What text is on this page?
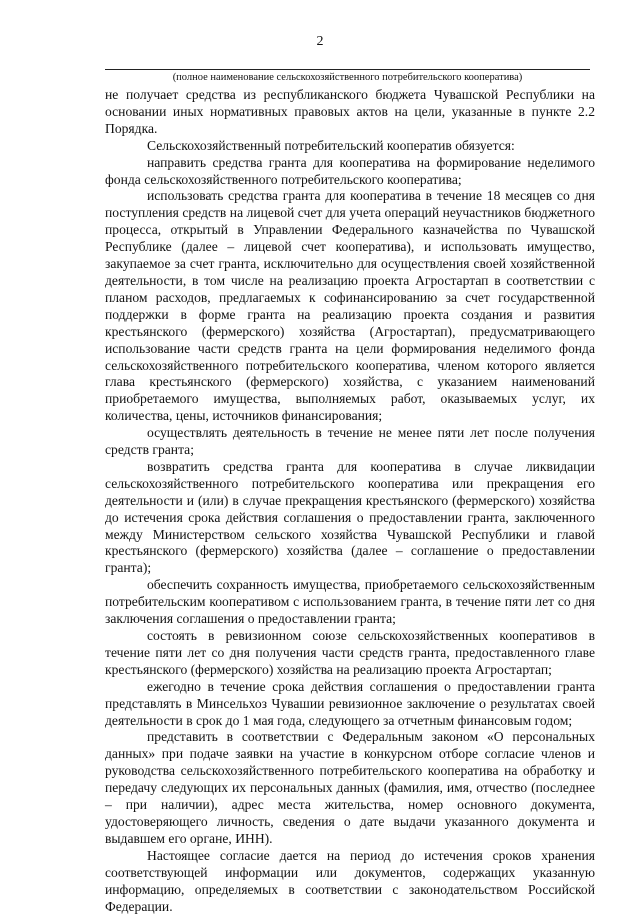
2
(полное наименование сельскохозяйственного потребительского кооператива)

не получает средства из республиканского бюджета Чувашской Республики на основании иных нормативных правовых актов на цели, указанные в пункте 2.2 Порядка.

Сельскохозяйственный потребительский кооператив обязуется:

направить средства гранта для кооператива на формирование неделимого фонда сельскохозяйственного потребительского кооператива;

использовать средства гранта для кооператива в течение 18 месяцев со дня поступления средств на лицевой счет для учета операций неучастников бюджетного процесса, открытый в Управлении Федерального казначейства по Чувашской Республике (далее – лицевой счет кооператива), и использовать имущество, закупаемое за счет гранта, исключительно для осуществления своей хозяйственной деятельности, в том числе на реализацию проекта Агростартап в соответствии с планом расходов, предлагаемых к софинансированию за счет государственной поддержки в форме гранта на реализацию проекта создания и развития крестьянского (фермерского) хозяйства (Агростартап), предусматривающего использование части средств гранта на цели формирования неделимого фонда сельскохозяйственного потребительского кооператива, членом которого является глава крестьянского (фермерского) хозяйства, с указанием наименований приобретаемого имущества, выполняемых работ, оказываемых услуг, их количества, цены, источников финансирования;

осуществлять деятельность в течение не менее пяти лет после получения средств гранта;

возвратить средства гранта для кооператива в случае ликвидации сельскохозяйственного потребительского кооператива или прекращения его деятельности и (или) в случае прекращения крестьянского (фермерского) хозяйства до истечения срока действия соглашения о предоставлении гранта, заключенного между Министерством сельского хозяйства Чувашской Республики и главой крестьянского (фермерского) хозяйства (далее – соглашение о предоставлении гранта);

обеспечить сохранность имущества, приобретаемого сельскохозяйственным потребительским кооперативом с использованием гранта, в течение пяти лет со дня заключения соглашения о предоставлении гранта;

состоять в ревизионном союзе сельскохозяйственных кооперативов в течение пяти лет со дня получения части средств гранта, предоставленного главе крестьянского (фермерского) хозяйства на реализацию проекта Агростартап;

ежегодно в течение срока действия соглашения о предоставлении гранта представлять в Минсельхоз Чувашии ревизионное заключение о результатах своей деятельности в срок до 1 мая года, следующего за отчетным финансовым годом;

представить в соответствии с Федеральным законом «О персональных данных» при подаче заявки на участие в конкурсном отборе согласие членов и руководства сельскохозяйственного потребительского кооператива на обработку и передачу следующих их персональных данных (фамилия, имя, отчество (последнее – при наличии), адрес места жительства, номер основного документа, удостоверяющего личность, сведения о дате выдачи указанного документа и выдавшем его органе, ИНН).

Настоящее согласие дается на период до истечения сроков хранения соответствующей информации или документов, содержащих указанную информацию, определяемых в соответствии с законодательством Российской Федерации.
